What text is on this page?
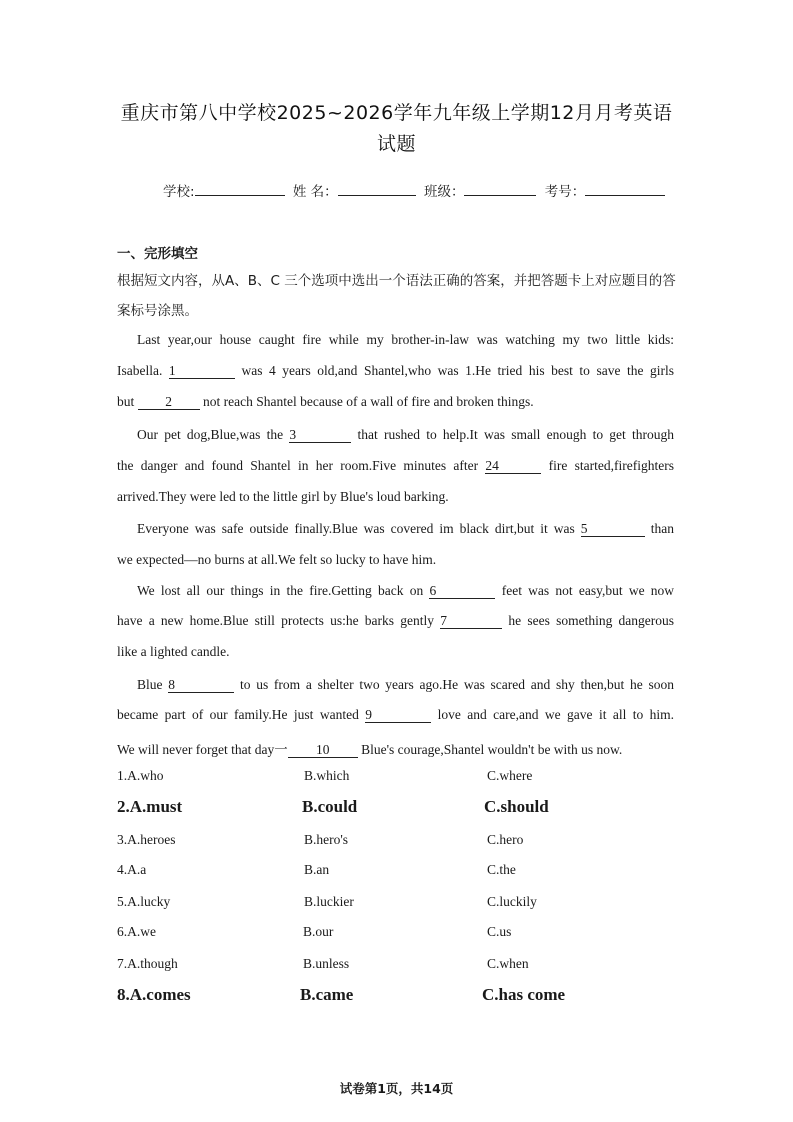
重庆市第八中学校2025~2026学年九年级上学期12月月考英语
试题
学校:	姓 名：	班级：	考号：
一、完形填空
根据短文内容，从A、B、C 三个选项中选出一个语法正确的答案，并把答题卡上对应题目的答案标号涂黑。
Last year,our house caught fire while my brother-in-law was watching my two little kids:
Isabella. 1	was 4 years old,and Shantel,who was 1.He tried his best to save the girls
but 2 not reach Shantel because of a wall of fire and broken things.
Our pet dog,Blue,was the 3	that rushed to help.It was small enough to get through
the danger and found Shantel in her room.Five minutes after 24	fire started,firefighters
arrived.They were led to the little girl by Blue's loud barking.
Everyone was safe outside finally.Blue was covered im black dirt,but it was 5	than
we expected—no burns at all.We felt so lucky to have him.
We lost all our things in the fire.Getting back on 6	feet was not easy,but we now
have a new home.Blue still protects us:he barks gently 7	he sees something dangerous
like a lighted candle.
Blue 8	to us from a shelter two years ago.He was scared and shy then,but he soon
became part of our family.He just wanted 9	love and care,and we gave it all to him.
We will never forget that day一 10 Blue's courage,Shantel wouldn't be with us now.
1.A.who	B.which	C.where
2.A.must	B.could	C.should
3.A.heroes	B.hero's	C.hero
4.A.a	B.an	C.the
5.A.lucky	B.luckier	C.luckily
6.A.we	B.our	C.us
7.A.though	B.unless	C.when
8.A.comes	B.came	C.has come
试卷第1页，共14页
